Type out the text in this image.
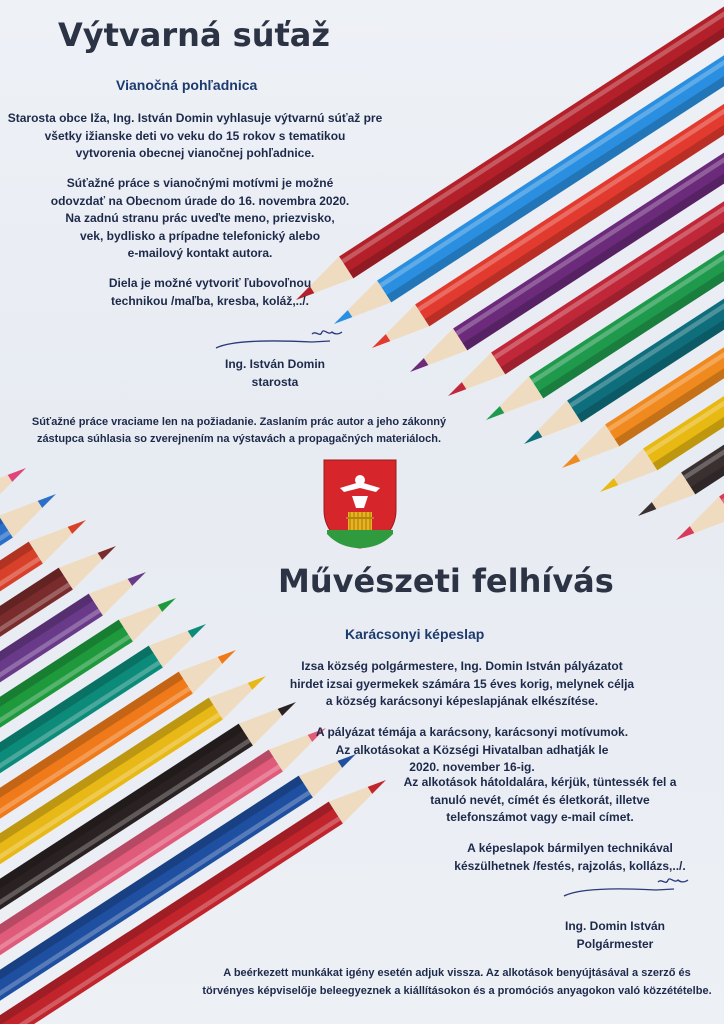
Výtvarná súťaž
Vianočná pohľadnica
Starosta obce Iža, Ing. István Domin vyhlasuje výtvarnú súťaž pre
všetky ižianske deti vo veku do 15 rokov s tematikou
vytvorenia obecnej vianočnej pohľadnice.
Súťažné práce s vianočnými motívmi je možné
odovzdať na Obecnom úrade do 16. novembra 2020.
Na zadnú stranu prác uveďte meno, priezvisko,
vek, bydlisko a prípadne telefonický alebo
e-mailový kontakt autora.
Diela je možné vytvoriť ľubovoľnou
technikou /maľba, kresba, koláž,../.
Ing. István Domin
starosta
Súťažné práce vraciame len na požiadanie. Zaslaním prác autor a jeho zákonný
zástupca súhlasia so zverejnením na výstavách a propagačných materiáloch.
Művészeti felhívás
Karácsonyi képeslap
Izsa község polgármestere, Ing. Domin István pályázatot
hirdet izsai gyermekek számára 15 éves korig, melynek célja
a község karácsonyi képeslapjának elkészítése.
A pályázat témája a karácsony, karácsonyi motívumok.
Az alkotásokat a Községi Hivatalban adhatják le
2020. november 16-ig.
Az alkotások hátoldalára, kérjük, tüntessék fel a
tanuló nevét, címét és életkorát, illetve
telefonszámot vagy e-mail címet.
A képeslapok bármilyen technikával
készülhetnek /festés, rajzolás, kollázs,../.
Ing. Domin István
Polgármester
A beérkezett munkákat igény esetén adjuk vissza. Az alkotások benyújtásával a szerző és
törvényes képviselője beleegyeznek a kiállításokon és a promóciós anyagokon való közzétételbe.
